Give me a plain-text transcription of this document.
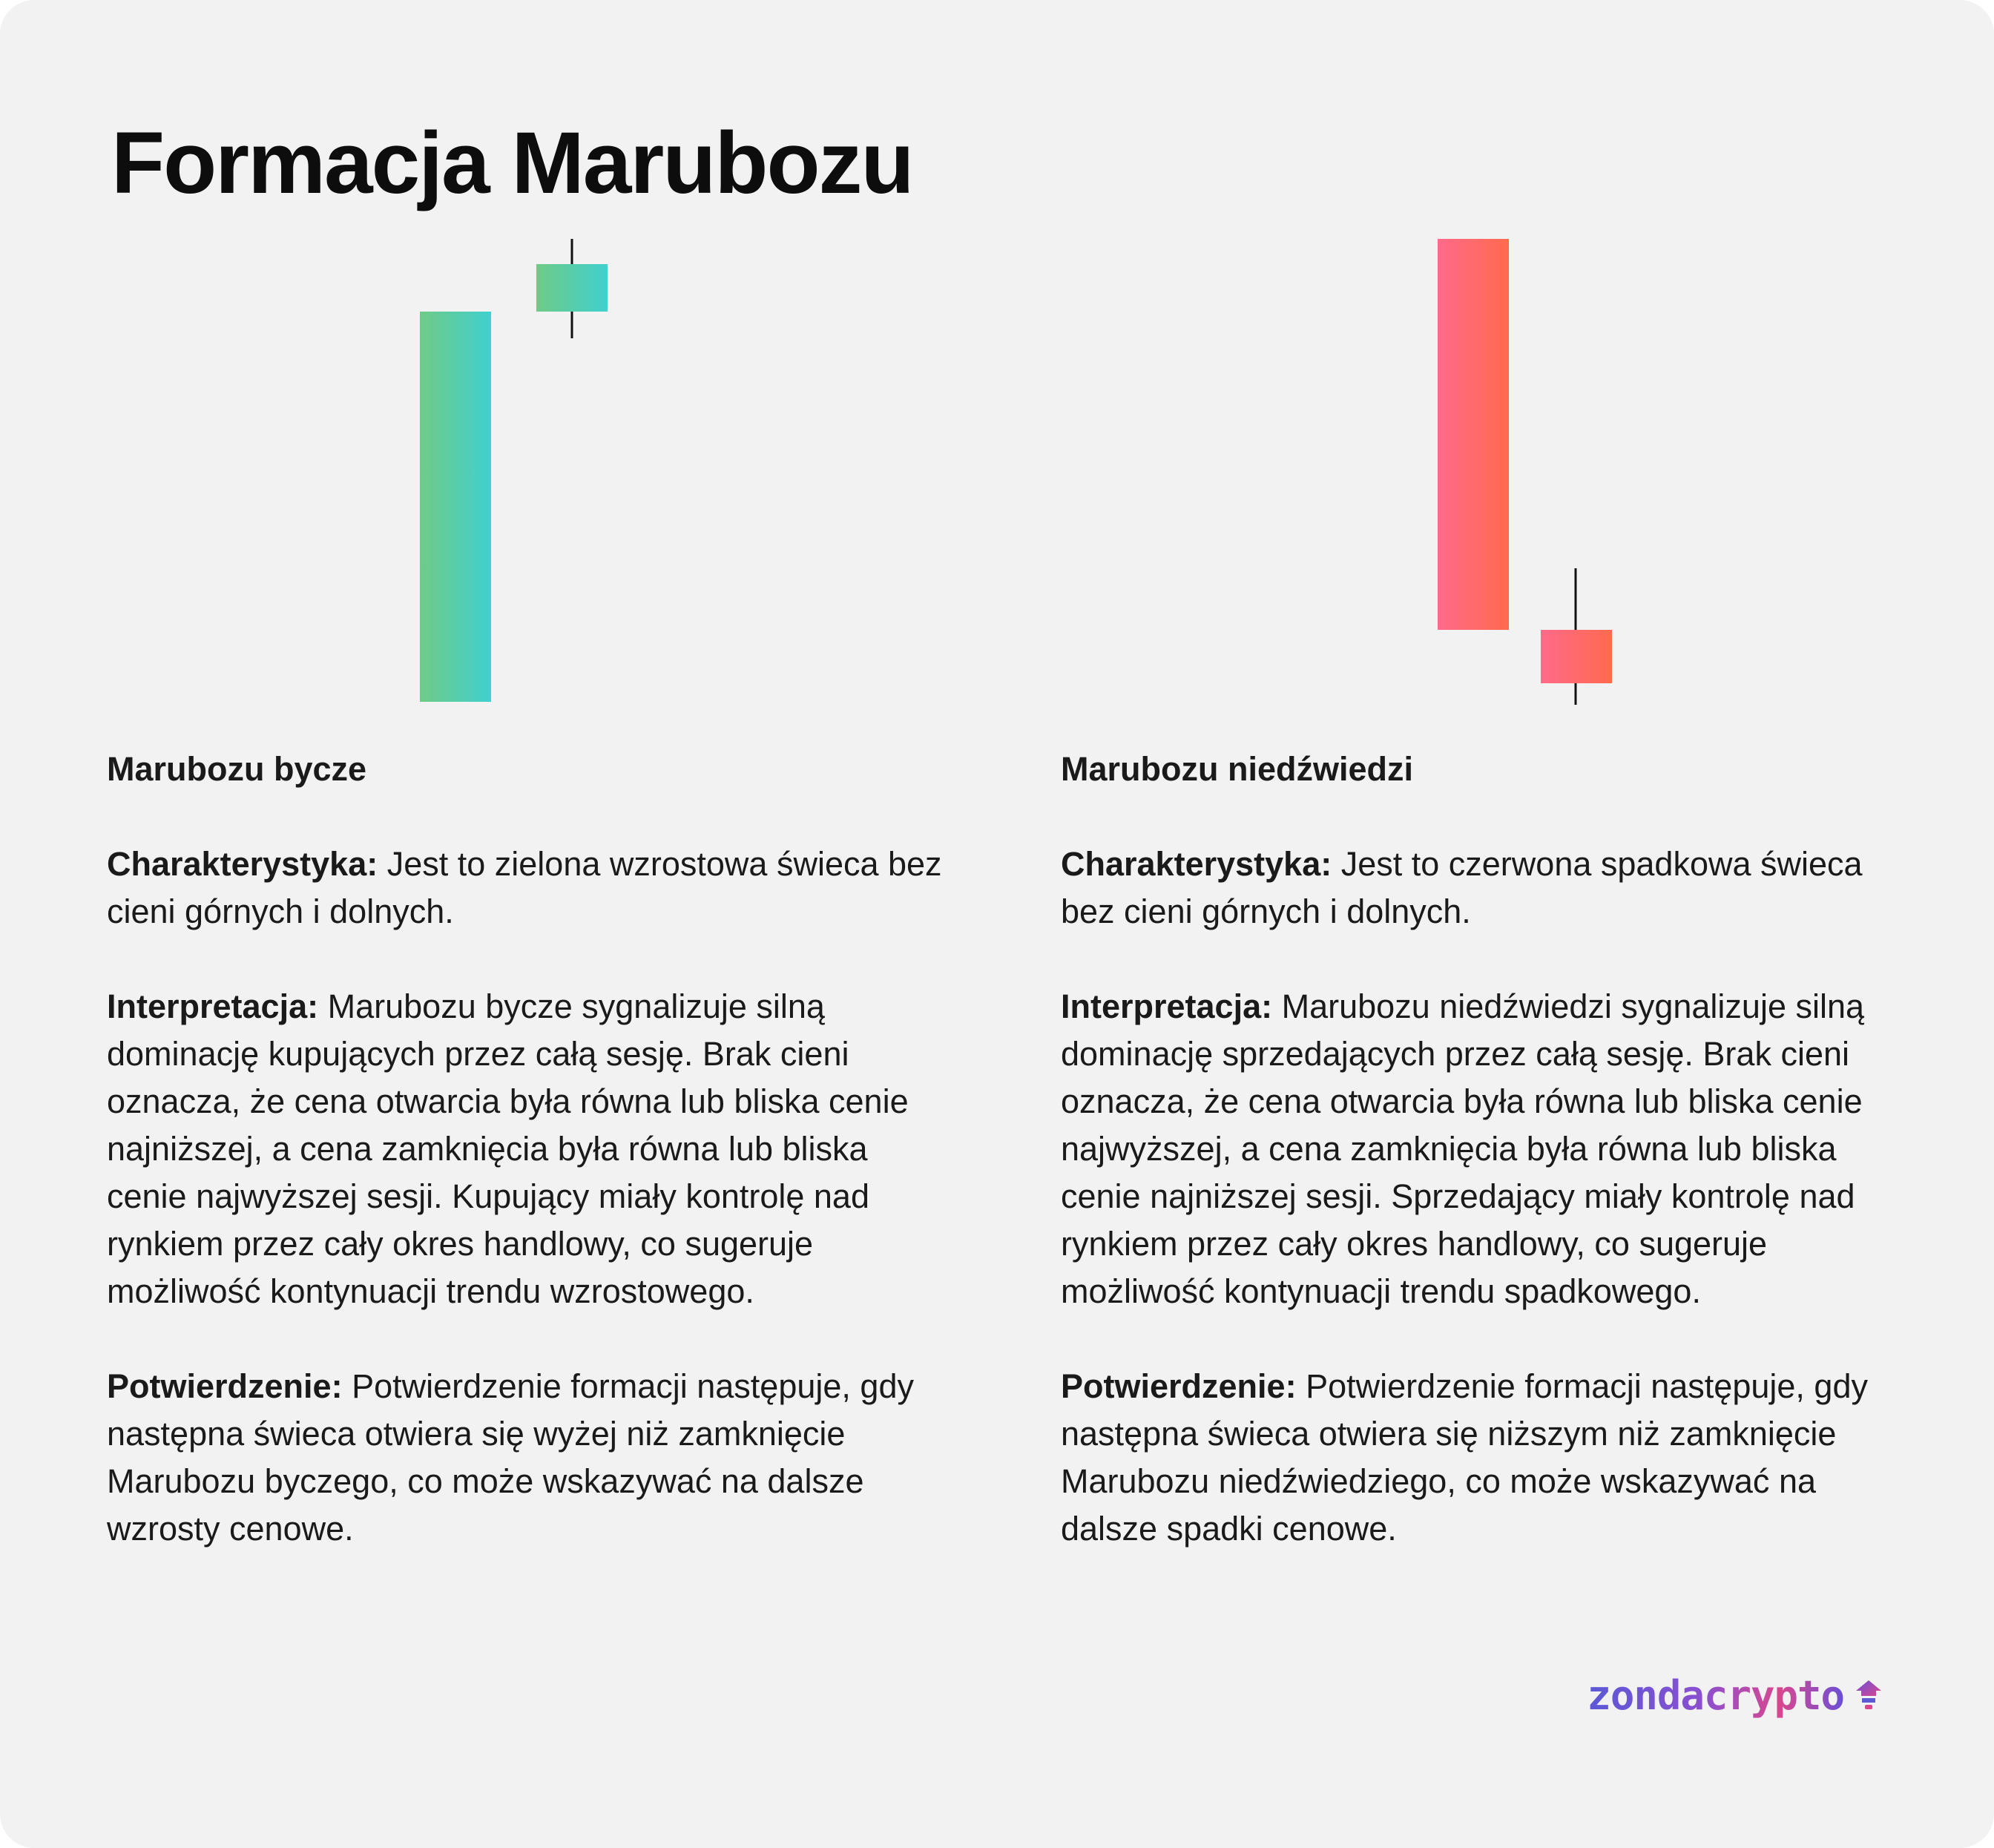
Formacja Marubozu

Marubozu bycze

Charakterystyka: Jest to zielona wzrostowa świeca bez cieni górnych i dolnych.

Interpretacja: Marubozu bycze sygnalizuje silną dominację kupujących przez całą sesję. Brak cieni oznacza, że cena otwarcia była równa lub bliska cenie najniższej, a cena zamknięcia była równa lub bliska cenie najwyższej sesji. Kupujący miały kontrolę nad rynkiem przez cały okres handlowy, co sugeruje możliwość kontynuacji trendu wzrostowego.

Potwierdzenie: Potwierdzenie formacji następuje, gdy następna świeca otwiera się wyżej niż zamknięcie Marubozu byczego, co może wskazywać na dalsze wzrosty cenowe.

Marubozu niedźwiedzi

Charakterystyka: Jest to czerwona spadkowa świeca bez cieni górnych i dolnych.

Interpretacja: Marubozu niedźwiedzi sygnalizuje silną dominację sprzedających przez całą sesję. Brak cieni oznacza, że cena otwarcia była równa lub bliska cenie najwyższej, a cena zamknięcia była równa lub bliska cenie najniższej sesji. Sprzedający miały kontrolę nad rynkiem przez cały okres handlowy, co sugeruje możliwość kontynuacji trendu spadkowego.

Potwierdzenie: Potwierdzenie formacji następuje, gdy następna świeca otwiera się niższym niż zamknięcie Marubozu niedźwiedziego, co może wskazywać na dalsze spadki cenowe.

zondacrypto
